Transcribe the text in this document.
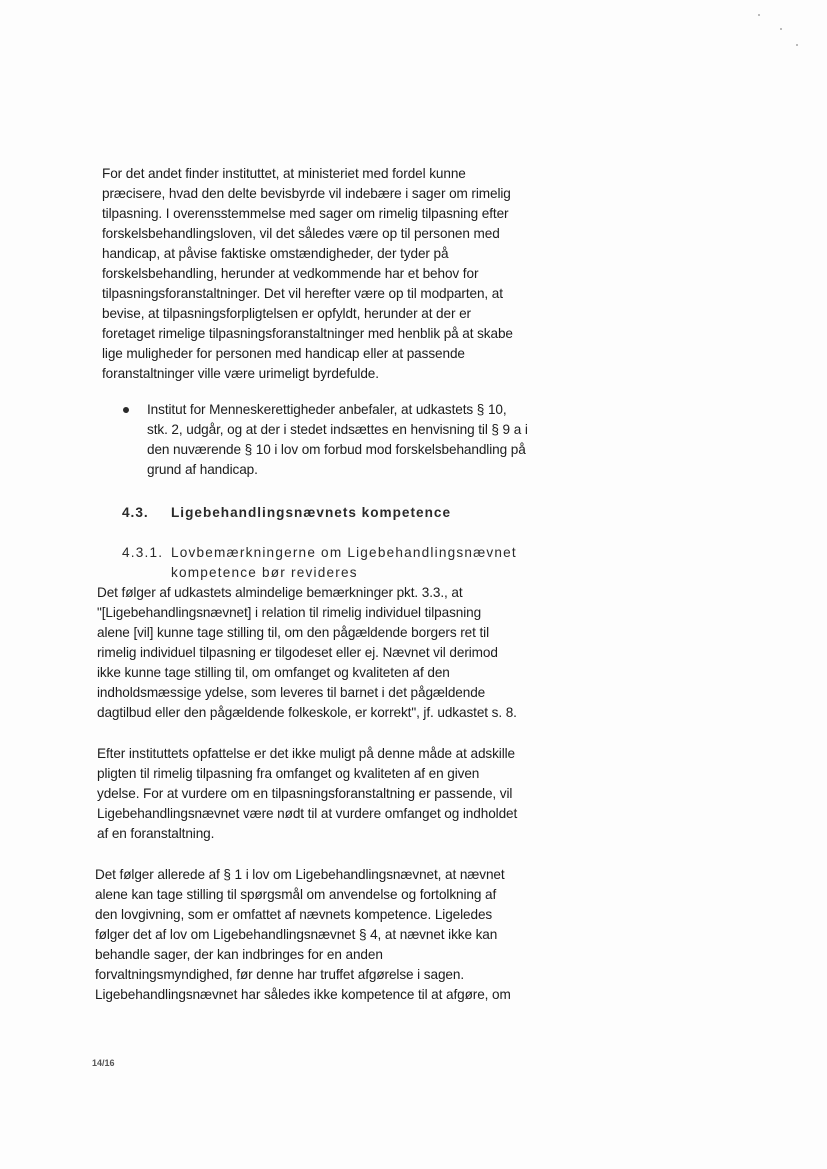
For det andet finder instituttet, at ministeriet med fordel kunne
præcisere, hvad den delte bevisbyrde vil indebære i sager om rimelig
tilpasning. I overensstemmelse med sager om rimelig tilpasning efter
forskelsbehandlingsloven, vil det således være op til personen med
handicap, at påvise faktiske omstændigheder, der tyder på
forskelsbehandling, herunder at vedkommende har et behov for
tilpasningsforanstaltninger. Det vil herefter være op til modparten, at
bevise, at tilpasningsforpligtelsen er opfyldt, herunder at der er
foretaget rimelige tilpasningsforanstaltninger med henblik på at skabe
lige muligheder for personen med handicap eller at passende
foranstaltninger ville være urimeligt byrdefulde.
Institut for Menneskerettigheder anbefaler, at udkastets § 10,
stk. 2, udgår, og at der i stedet indsættes en henvisning til § 9 a i
den nuværende § 10 i lov om forbud mod forskelsbehandling på
grund af handicap.
4.3. Ligebehandlingsnævnets kompetence
4.3.1. Lovbemærkningerne om Ligebehandlingsnævnet
kompetence bør revideres
Det følger af udkastets almindelige bemærkninger pkt. 3.3., at
"[Ligebehandlingsnævnet] i relation til rimelig individuel tilpasning
alene [vil] kunne tage stilling til, om den pågældende borgers ret til
rimelig individuel tilpasning er tilgodeset eller ej. Nævnet vil derimod
ikke kunne tage stilling til, om omfanget og kvaliteten af den
indholdsmæssige ydelse, som leveres til barnet i det pågældende
dagtilbud eller den pågældende folkeskole, er korrekt", jf. udkastet s. 8.
Efter instituttets opfattelse er det ikke muligt på denne måde at adskille
pligten til rimelig tilpasning fra omfanget og kvaliteten af en given
ydelse. For at vurdere om en tilpasningsforanstaltning er passende, vil
Ligebehandlingsnævnet være nødt til at vurdere omfanget og indholdet
af en foranstaltning.
Det følger allerede af § 1 i lov om Ligebehandlingsnævnet, at nævnet
alene kan tage stilling til spørgsmål om anvendelse og fortolkning af
den lovgivning, som er omfattet af nævnets kompetence. Ligeledes
følger det af lov om Ligebehandlingsnævnet § 4, at nævnet ikke kan
behandle sager, der kan indbringes for en anden
forvaltningsmyndighed, før denne har truffet afgørelse i sagen.
Ligebehandlingsnævnet har således ikke kompetence til at afgøre, om
14/16
